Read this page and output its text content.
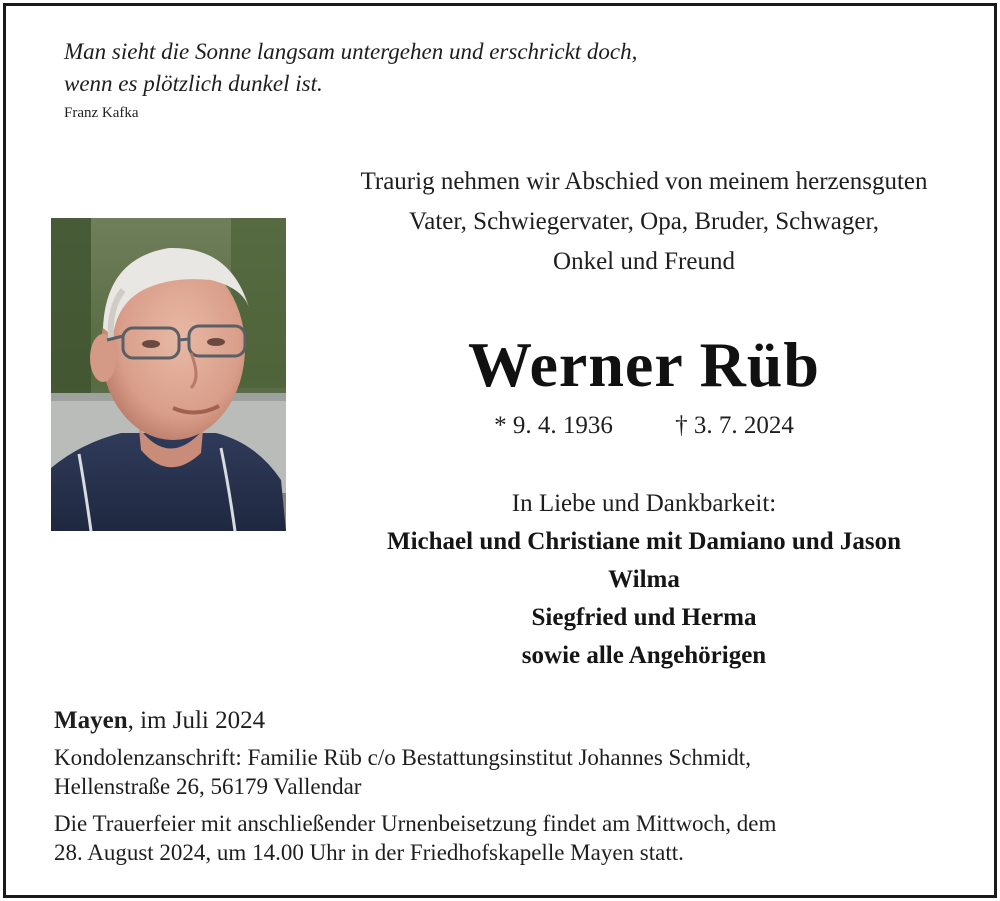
Man sieht die Sonne langsam untergehen und erschrickt doch,
wenn es plötzlich dunkel ist.
Franz Kafka
Traurig nehmen wir Abschied von meinem herzensguten
Vater, Schwiegervater, Opa, Bruder, Schwager,
Onkel und Freund
Werner Rüb
* 9. 4. 1936 † 3. 7. 2024
In Liebe und Dankbarkeit:
Michael und Christiane mit Damiano und Jason
Wilma
Siegfried und Herma
sowie alle Angehörigen
Mayen, im Juli 2024
Kondolenzanschrift: Familie Rüb c/o Bestattungsinstitut Johannes Schmidt,
Hellenstraße 26, 56179 Vallendar
Die Trauerfeier mit anschließender Urnenbeisetzung findet am Mittwoch, dem
28. August 2024, um 14.00 Uhr in der Friedhofskapelle Mayen statt.
